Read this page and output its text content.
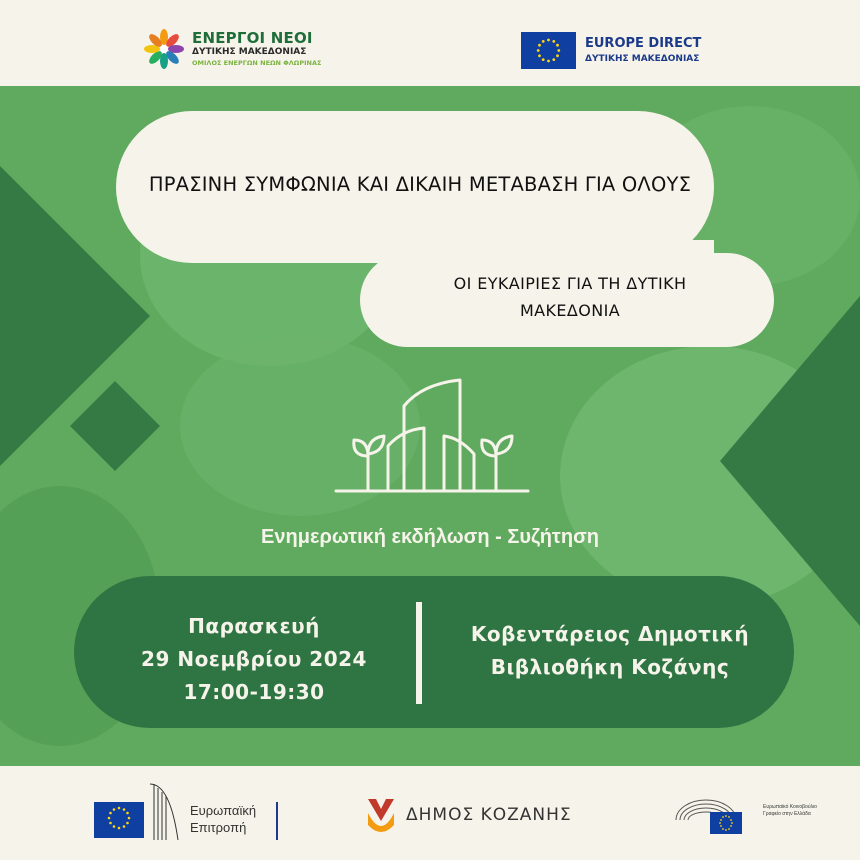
ΕΝΕΡΓΟΙ ΝΕΟΙ
ΔΥΤΙΚΗΣ ΜΑΚΕΔΟΝΙΑΣ
ΟΜΙΛΟΣ ΕΝΕΡΓΩΝ ΝΕΩΝ ΦΛΩΡΙΝΑΣ
EUROPE DIRECT
ΔΥΤΙΚΗΣ ΜΑΚΕΔΟΝΙΑΣ
ΠΡΑΣΙΝΗ ΣΥΜΦΩΝΙΑ ΚΑΙ ΔΙΚΑΙΗ ΜΕΤΑΒΑΣΗ ΓΙΑ ΟΛΟΥΣ
ΟΙ ΕΥΚΑΙΡΙΕΣ ΓΙΑ ΤΗ ΔΥΤΙΚΗ ΜΑΚΕΔΟΝΙΑ
Ενημερωτική εκδήλωση - Συζήτηση
Παρασκευή
29 Νοεμβρίου 2024
17:00-19:30
Κοβεντάρειος Δημοτική
Βιβλιοθήκη Κοζάνης
Ευρωπαϊκή
Επιτροπή
ΔΗΜΟΣ ΚΟΖΑΝΗΣ	Ευρωπαϊκό Κοινοβούλιο
Γραφείο στην Ελλάδα
